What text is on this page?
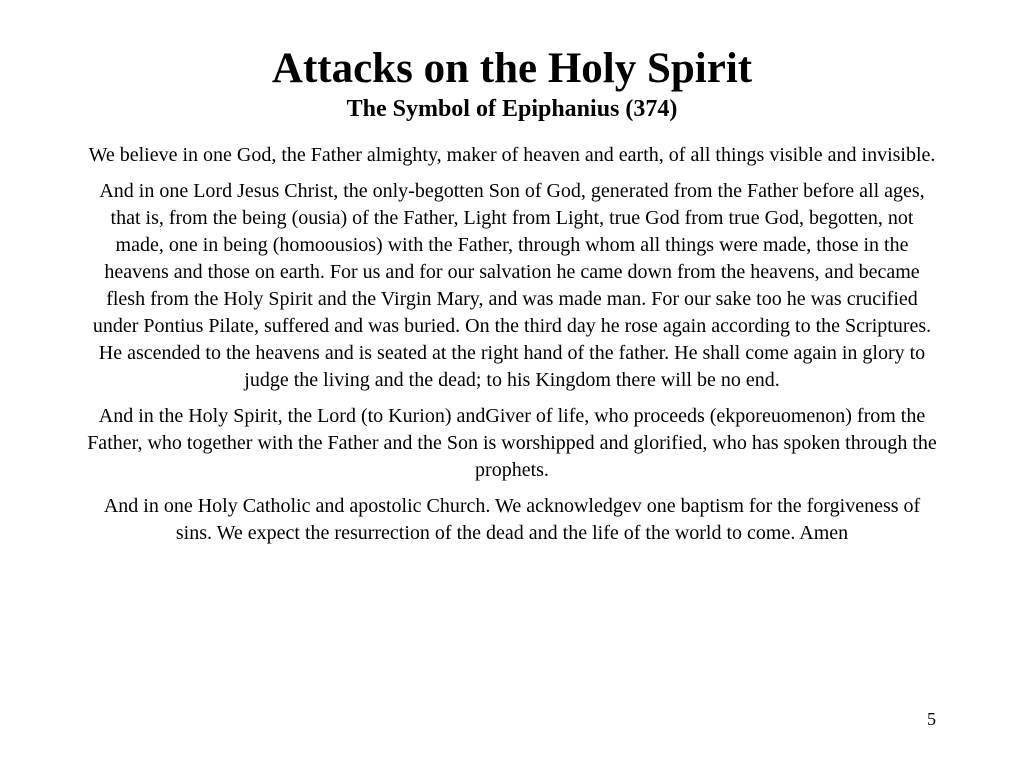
Attacks on the Holy Spirit
The Symbol of Epiphanius (374)

We believe in one God, the Father almighty, maker of heaven and earth, of all things visible and invisible.

And in one Lord Jesus Christ, the only-begotten Son of God, generated from the Father before all ages, that is, from the being (ousia) of the Father, Light from Light, true God from true God, begotten, not made, one in being (homoousios) with the Father, through whom all things were made, those in the heavens and those on earth. For us and for our salvation he came down from the heavens, and became flesh from the Holy Spirit and the Virgin Mary, and was made man. For our sake too he was crucified under Pontius Pilate, suffered and was buried. On the third day he rose again according to the Scriptures. He ascended to the heavens and is seated at the right hand of the father. He shall come again in glory to judge the living and the dead; to his Kingdom there will be no end.

And in the Holy Spirit, the Lord (to Kurion) andGiver of life, who proceeds (ekporeuomenon) from the Father, who together with the Father and the Son is worshipped and glorified, who has spoken through the prophets.

And in one Holy Catholic and apostolic Church. We acknowledgev one baptism for the forgiveness of sins. We expect the resurrection of the dead and the life of the world to come. Amen

5
